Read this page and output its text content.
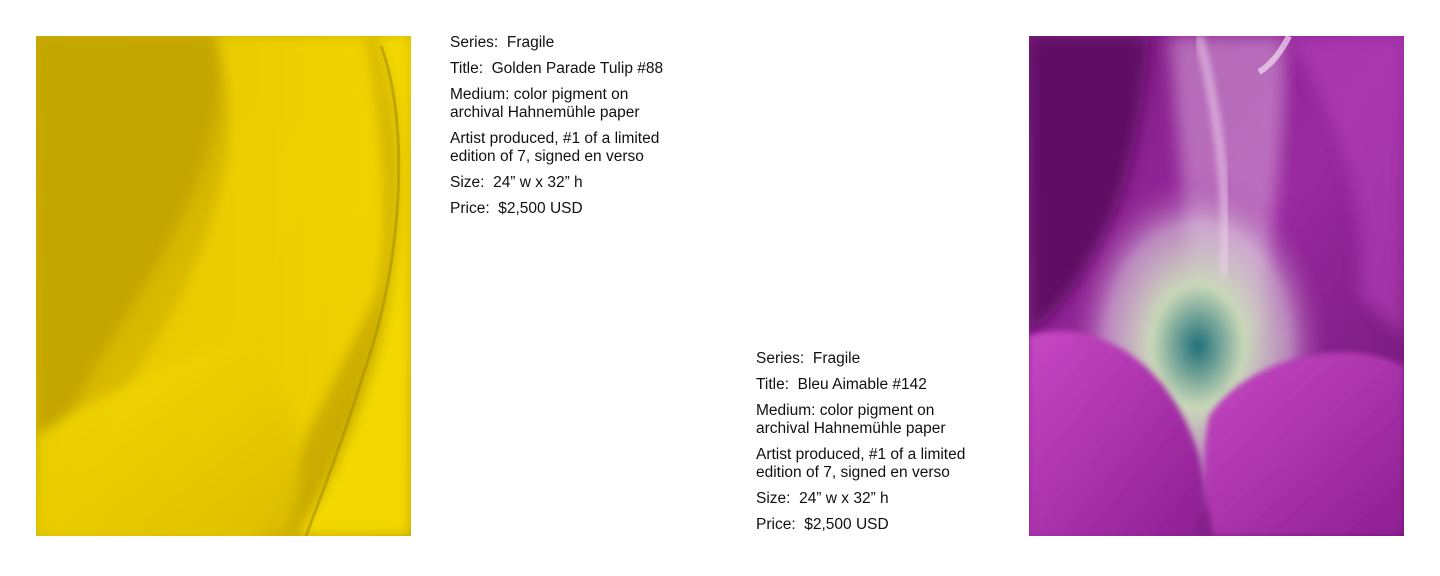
Series:  Fragile

Title:  Golden Parade Tulip #88

Medium: color pigment on
archival Hahnemühle paper

Artist produced, #1 of a limited
edition of 7, signed en verso

Size:  24” w x 32” h

Price:  $2,500 USD

Series:  Fragile

Title:  Bleu Aimable #142

Medium: color pigment on
archival Hahnemühle paper

Artist produced, #1 of a limited
edition of 7, signed en verso

Size:  24” w x 32” h

Price:  $2,500 USD
